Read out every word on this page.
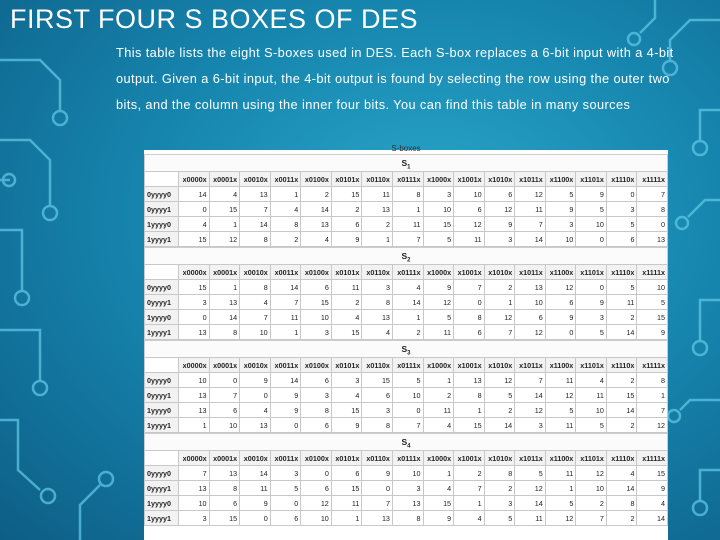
FIRST FOUR S BOXES OF DES
This table lists the eight S-boxes used in DES. Each S-box replaces a 6-bit input with a 4-bit output. Given a 6-bit input, the 4-bit output is found by selecting the row using the outer two bits, and the column using the inner four bits. You can find this table in many sources
S-boxes
$S_1$
	x0000x	x0001x	x0010x	x0011x	x0100x	x0101x	x0110x	x0111x	x1000x	x1001x	x1010x	x1011x	x1100x	x1101x	x1110x	x1111x
0yyyy0	14	4	13	1	2	15	11	8	3	10	6	12	5	9	0	7
0yyyy1	0	15	7	4	14	2	13	1	10	6	12	11	9	5	3	8
1yyyy0	4	1	14	8	13	6	2	11	15	12	9	7	3	10	5	0
1yyyy1	15	12	8	2	4	9	1	7	5	11	3	14	10	0	6	13
$S_2$
	x0000x	x0001x	x0010x	x0011x	x0100x	x0101x	x0110x	x0111x	x1000x	x1001x	x1010x	x1011x	x1100x	x1101x	x1110x	x1111x
0yyyy0	15	1	8	14	6	11	3	4	9	7	2	13	12	0	5	10
0yyyy1	3	13	4	7	15	2	8	14	12	0	1	10	6	9	11	5
1yyyy0	0	14	7	11	10	4	13	1	5	8	12	6	9	3	2	15
1yyyy1	13	8	10	1	3	15	4	2	11	6	7	12	0	5	14	9
$S_3$
	x0000x	x0001x	x0010x	x0011x	x0100x	x0101x	x0110x	x0111x	x1000x	x1001x	x1010x	x1011x	x1100x	x1101x	x1110x	x1111x
0yyyy0	10	0	9	14	6	3	15	5	1	13	12	7	11	4	2	8
0yyyy1	13	7	0	9	3	4	6	10	2	8	5	14	12	11	15	1
1yyyy0	13	6	4	9	8	15	3	0	11	1	2	12	5	10	14	7
1yyyy1	1	10	13	0	6	9	8	7	4	15	14	3	11	5	2	12
$S_4$
	x0000x	x0001x	x0010x	x0011x	x0100x	x0101x	x0110x	x0111x	x1000x	x1001x	x1010x	x1011x	x1100x	x1101x	x1110x	x1111x
0yyyy0	7	13	14	3	0	6	9	10	1	2	8	5	11	12	4	15
0yyyy1	13	8	11	5	6	15	0	3	4	7	2	12	1	10	14	9
1yyyy0	10	6	9	0	12	11	7	13	15	1	3	14	5	2	8	4
1yyyy1	3	15	0	6	10	1	13	8	9	4	5	11	12	7	2	14
